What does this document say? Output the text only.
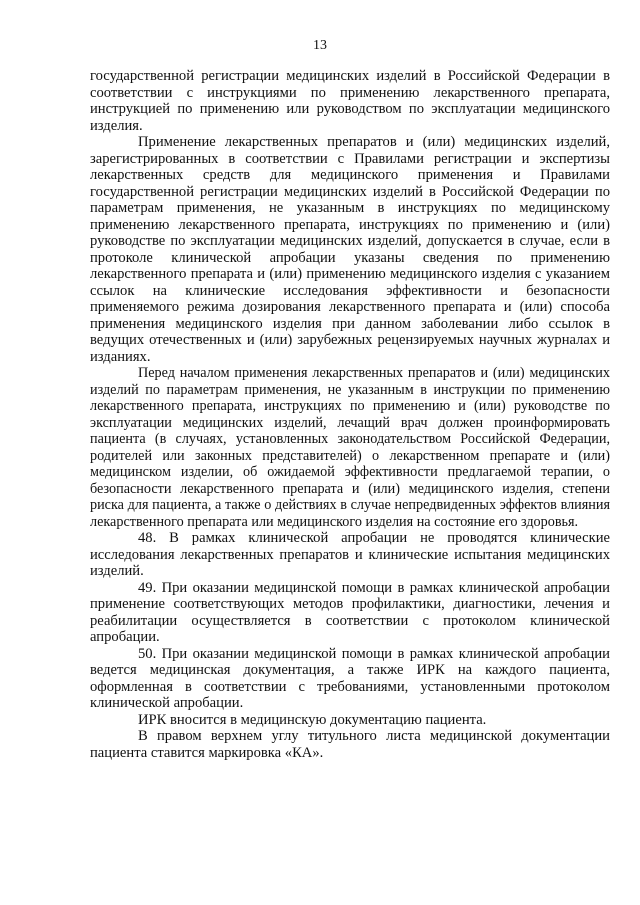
13

государственной регистрации медицинских изделий в Российской Федерации в соответствии с инструкциями по применению лекарственного препарата, инструкцией по применению или руководством по эксплуатации медицинского изделия.

Применение лекарственных препаратов и (или) медицинских изделий, зарегистрированных в соответствии с Правилами регистрации и экспертизы лекарственных средств для медицинского применения и Правилами государственной регистрации медицинских изделий в Российской Федерации по параметрам применения, не указанным в инструкциях по медицинскому применению лекарственного препарата, инструкциях по применению и (или) руководстве по эксплуатации медицинских изделий, допускается в случае, если в протоколе клинической апробации указаны сведения по применению лекарственного препарата и (или) применению медицинского изделия с указанием ссылок на клинические исследования эффективности и безопасности применяемого режима дозирования лекарственного препарата и (или) способа применения медицинского изделия при данном заболевании либо ссылок в ведущих отечественных и (или) зарубежных рецензируемых научных журналах и изданиях.

Перед началом применения лекарственных препаратов и (или) медицинских изделий по параметрам применения, не указанным в инструкции по применению лекарственного препарата, инструкциях по применению и (или) руководстве по эксплуатации медицинских изделий, лечащий врач должен проинформировать пациента (в случаях, установленных законодательством Российской Федерации, родителей или законных представителей) о лекарственном препарате и (или) медицинском изделии, об ожидаемой эффективности предлагаемой терапии, о безопасности лекарственного препарата и (или) медицинского изделия, степени риска для пациента, а также о действиях в случае непредвиденных эффектов влияния лекарственного препарата или медицинского изделия на состояние его здоровья.

48. В рамках клинической апробации не проводятся клинические исследования лекарственных препаратов и клинические испытания медицинских изделий.

49. При оказании медицинской помощи в рамках клинической апробации применение соответствующих методов профилактики, диагностики, лечения и реабилитации осуществляется в соответствии с протоколом клинической апробации.

50. При оказании медицинской помощи в рамках клинической апробации ведется медицинская документация, а также ИРК на каждого пациента, оформленная в соответствии с требованиями, установленными протоколом клинической апробации.

ИРК вносится в медицинскую документацию пациента.

В правом верхнем углу титульного листа медицинской документации пациента ставится маркировка «КА».
